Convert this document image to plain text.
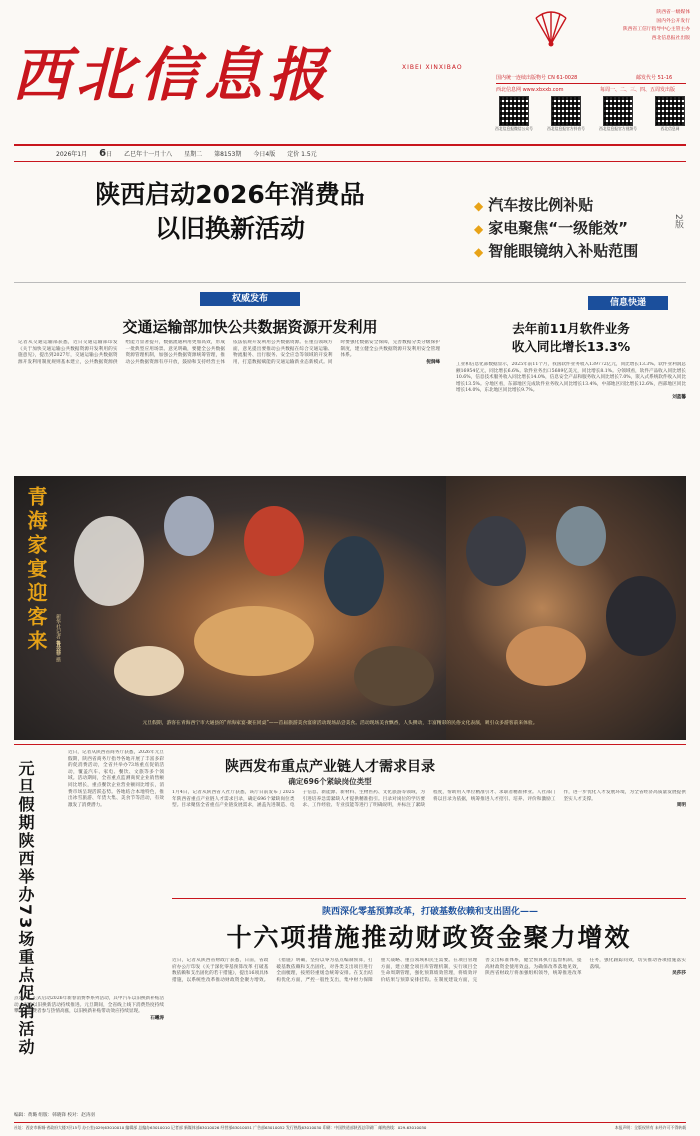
西北信息报
陕西省一级媒体
国内外公开发行
陕西省工信厅指导中心主管主办
西北信息报社出版
XIBEI XINXIBAO
国内统一连续出版物号 CN 61-0028	邮发代号 51-16
西北信息网 www.xbxxb.com	每周一、二、三、四、五周发出版
西北信息报微信公众号	西北信息报官方抖音号	西北信息报官方视频号	西北信息网
2026年1月 6日 乙巳年十一月十八 星期二 第8153期 今日4版 定价 1.5元
陕西启动2026年消费品
以旧换新活动
◆ 汽车按比例补贴
◆ 家电聚焦“一级能效”
◆ 智能眼镜纳入补贴范围
2版
权威发布
交通运输部加快公共数据资源开发利用
记者从交通运输部获悉，近日交通运输部印发《关于加快交通运输公共数据资源开发利用的实施意见》，提出到2027年，交通运输公共数据资源开发利用制度规则基本建立，公共数据资源供给能力显著提升，数据流通利用更加高效，形成一批典型应用场景。意见明确，要健全公共数据资源管理机制，加强公共数据资源统筹管理，推动公共数据资源有序开放，鼓励和支持经营主体依法依规开发利用公共数据资源。在重点领域方面，意见提出要推动公共数据在综合交通运输、物流服务、出行服务、安全应急等领域的开发利用，打造数据赋能的交通运输新业态新模式。同时要强化数据安全保障，完善数据分类分级保护制度，建立健全公共数据资源开发利用安全管理体系。
倪润峰
信息快递
去年前11月软件业务
收入同比增长13.3%
工业和信息化部数据显示，2025年前11个月，我国软件业务收入139772亿元，同比增长13.3%。软件业利润总额16954亿元，同比增长6.6%。软件业务出口5689亿美元，同比增长8.1%。分领域看，软件产品收入同比增长10.6%，信息技术服务收入同比增长14.0%，信息安全产品和服务收入同比增长7.0%，嵌入式系统软件收入同比增长13.5%。分地区看，东部地区完成软件业务收入同比增长13.4%，中部地区同比增长12.6%，西部地区同比增长14.0%，东北地区同比增长9.7%。
刘蓝馨
青海家宴迎客来	新华社记者 鲁芸菲 摄
元旦假期，游客在青海西宁市大通县的“青海家宴·聚在同桌”——首届旅游美食宴席活动现场品尝美食。活动现场美食飘香，人头攒动，丰富精彩的民俗文化表演，吸引众多游客前来体验。
近日，记者从陕西省商务厅获悉，2026年元旦假期，陕西省商务厅指导各地开展了丰富多彩的促消费活动，全省共举办73场重点促销活动，覆盖汽车、家电、餐饮、文旅等多个领域。活动期间，全省重点监测商贸企业销售额同比增长，重点餐饮企业营业额同比增长，消费市场呈现活跃态势。各地结合本地特色，推出冰雪旅游、年货大集、美食节等活动，有效激发了消费潜力。
元旦假期陕西举办73场重点促销活动
点领域，正式启动2026年新春消费季系列活动，其中汽车以旧换新补贴活动、家电以旧换新活动持续推进。元旦期间，全省线上线下消费热度持续攀升，消费者参与热情高涨，以旧换新补贴带动效应持续显现。
石曦涛
编辑：黄璐 组版：韩晓锋 校对：赵涛羽
陕西发布重点产业链人才需求目录
确定696个紧缺岗位类型
1月4日，记者从陕西省人社厅获悉，该厅日前发布了2025年陕西省重点产业链人才需求目录，确定696个紧缺岗位类型。目录聚焦全省重点产业链发展需求，涵盖先进制造、电子信息、新能源、新材料、生物医药、文化旅游等领域，为引进培养急需紧缺人才提供精准指引。目录对岗位的学历要求、工作经验、专业技能等进行了明确说明，并标注了紧缺程度，帮助用人单位精准引才、求职者精准择业。人社部门将以目录为依据，统筹推进人才招引、培养、评价和激励工作，进一步优化人才发展环境，为全省经济高质量发展提供坚实人才支撑。
周明
陕西深化零基预算改革，打破基数依赖和支出固化——
十六项措施推动财政资金聚力增效
近日，记者从陕西省财政厅获悉，日前，省政府办公厅印发《关于深化零基预算改革 打破基数依赖和支出固化的若干措施》，提出16项具体措施，以系统性改革推动财政资金聚力增效。《措施》明确，坚持以零为基点编制预算，打破基数依赖和支出固化，对各类支出项目进行全面梳理，按照轻重缓急统筹安排。在支出结构优化方面，严控一般性支出，集中财力保障重大战略、重点领域和民生需要。在项目管理方面，建立健全项目库管理机制，实行项目全生命周期管理，强化预算绩效管理，将绩效评价结果与预算安排挂钩。在制度建设方面，完善支出标准体系，健全预算执行监督机制，提高财政资金使用效益。为确保改革落地见效，陕西省财政厅将加强组织领导，统筹推进改革任务，强化跟踪问效，切实推动各项措施落实落细。
吴莎莎
社址：西安市新城·省政府大楼7层15号 办公室(029)63010010 编辑部 总编办63010010 记者部 新媒体部63010026 经营部63010051 广告部63010052 发行热线63010030 印刷：中国铁道部陕西总印刷厂 邮购热线：029-63010030	本报声明：全版权所有 未经许可不得转载
